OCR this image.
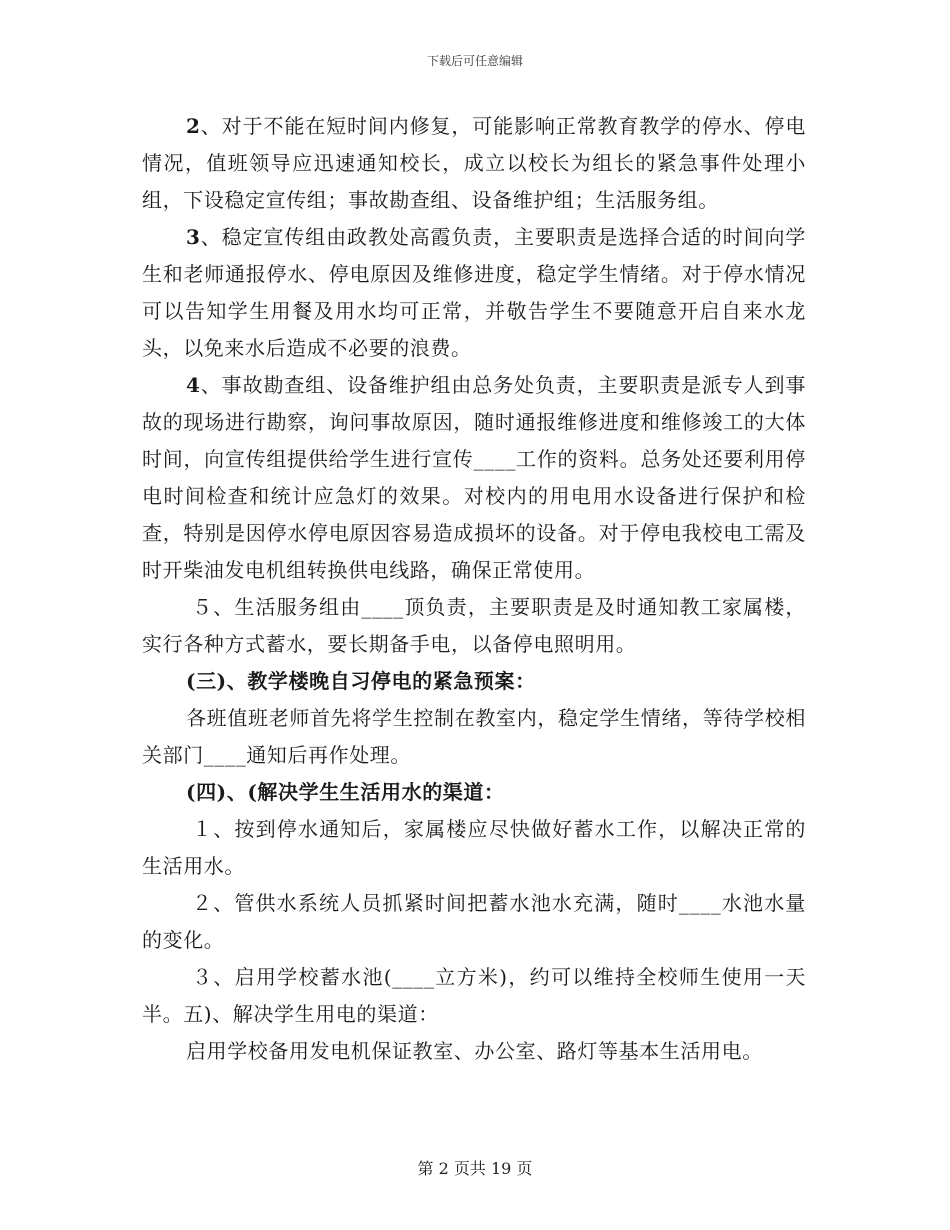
下载后可任意编辑

2、对于不能在短时间内修复，可能影响正常教育教学的停水、停电情况，值班领导应迅速通知校长，成立以校长为组长的紧急事件处理小组，下设稳定宣传组；事故勘查组、设备维护组；生活服务组。

3、稳定宣传组由政教处高霞负责，主要职责是选择合适的时间向学生和老师通报停水、停电原因及维修进度，稳定学生情绪。对于停水情况可以告知学生用餐及用水均可正常，并敬告学生不要随意开启自来水龙头，以免来水后造成不必要的浪费。

4、事故勘查组、设备维护组由总务处负责，主要职责是派专人到事故的现场进行勘察，询问事故原因，随时通报维修进度和维修竣工的大体时间，向宣传组提供给学生进行宣传____工作的资料。总务处还要利用停电时间检查和统计应急灯的效果。对校内的用电用水设备进行保护和检查，特别是因停水停电原因容易造成损坏的设备。对于停电我校电工需及时开柴油发电机组转换供电线路，确保正常使用。

５、生活服务组由____顶负责，主要职责是及时通知教工家属楼，实行各种方式蓄水，要长期备手电，以备停电照明用。

(三)、教学楼晚自习停电的紧急预案：

各班值班老师首先将学生控制在教室内，稳定学生情绪，等待学校相关部门____通知后再作处理。

(四)、(解决学生生活用水的渠道：

１、按到停水通知后，家属楼应尽快做好蓄水工作，以解决正常的生活用水。

２、管供水系统人员抓紧时间把蓄水池水充满，随时____水池水量的变化。

３、启用学校蓄水池(____立方米)，约可以维持全校师生使用一天半。五)、解决学生用电的渠道：

启用学校备用发电机保证教室、办公室、路灯等基本生活用电。

第 2 页共 19 页
